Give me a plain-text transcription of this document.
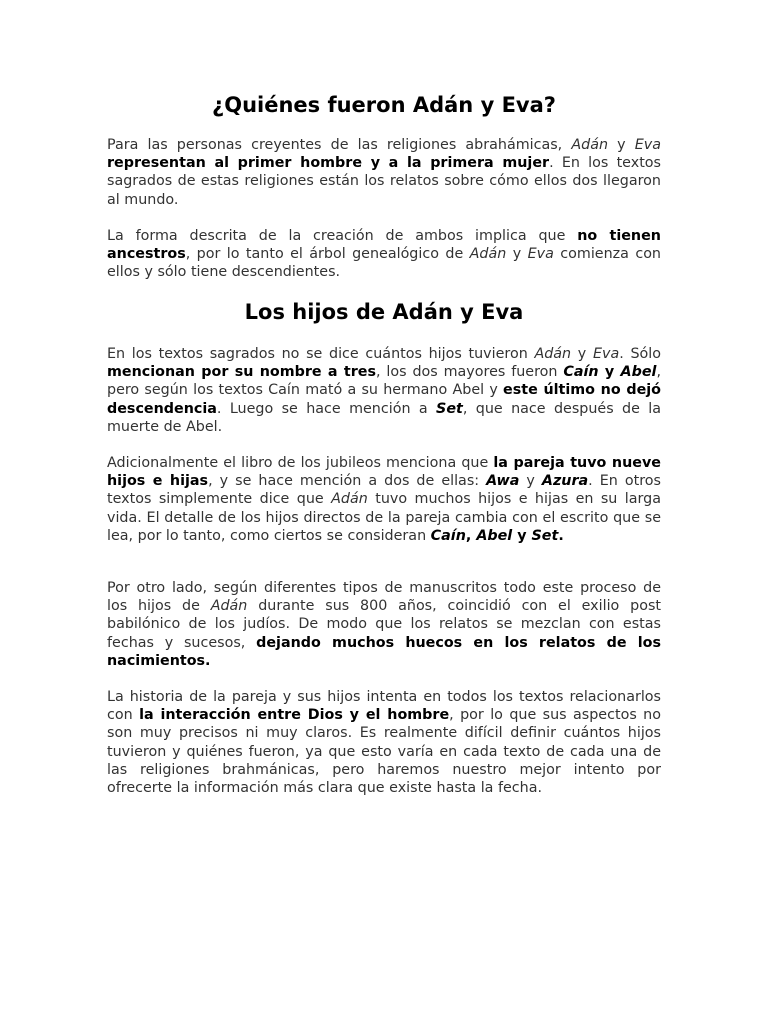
¿Quiénes fueron Adán y Eva?

Para las personas creyentes de las religiones abrahámicas, Adán y Eva representan al primer hombre y a la primera mujer. En los textos sagrados de estas religiones están los relatos sobre cómo ellos dos llegaron al mundo.

La forma descrita de la creación de ambos implica que no tienen ancestros, por lo tanto el árbol genealógico de Adán y Eva comienza con ellos y sólo tiene descendientes.

Los hijos de Adán y Eva

En los textos sagrados no se dice cuántos hijos tuvieron Adán y Eva. Sólo mencionan por su nombre a tres, los dos mayores fueron Caín y Abel, pero según los textos Caín mató a su hermano Abel y este último no dejó descendencia. Luego se hace mención a Set, que nace después de la muerte de Abel.

Adicionalmente el libro de los jubileos menciona que la pareja tuvo nueve hijos e hijas, y se hace mención a dos de ellas: Awa y Azura. En otros textos simplemente dice que Adán tuvo muchos hijos e hijas en su larga vida. El detalle de los hijos directos de la pareja cambia con el escrito que se lea, por lo tanto, como ciertos se consideran Caín, Abel y Set.

Por otro lado, según diferentes tipos de manuscritos todo este proceso de los hijos de Adán durante sus 800 años, coincidió con el exilio post babilónico de los judíos. De modo que los relatos se mezclan con estas fechas y sucesos, dejando muchos huecos en los relatos de los nacimientos.

La historia de la pareja y sus hijos intenta en todos los textos relacionarlos con la interacción entre Dios y el hombre, por lo que sus aspectos no son muy precisos ni muy claros. Es realmente difícil definir cuántos hijos tuvieron y quiénes fueron, ya que esto varía en cada texto de cada una de las religiones brahmánicas, pero haremos nuestro mejor intento por ofrecerte la información más clara que existe hasta la fecha.
